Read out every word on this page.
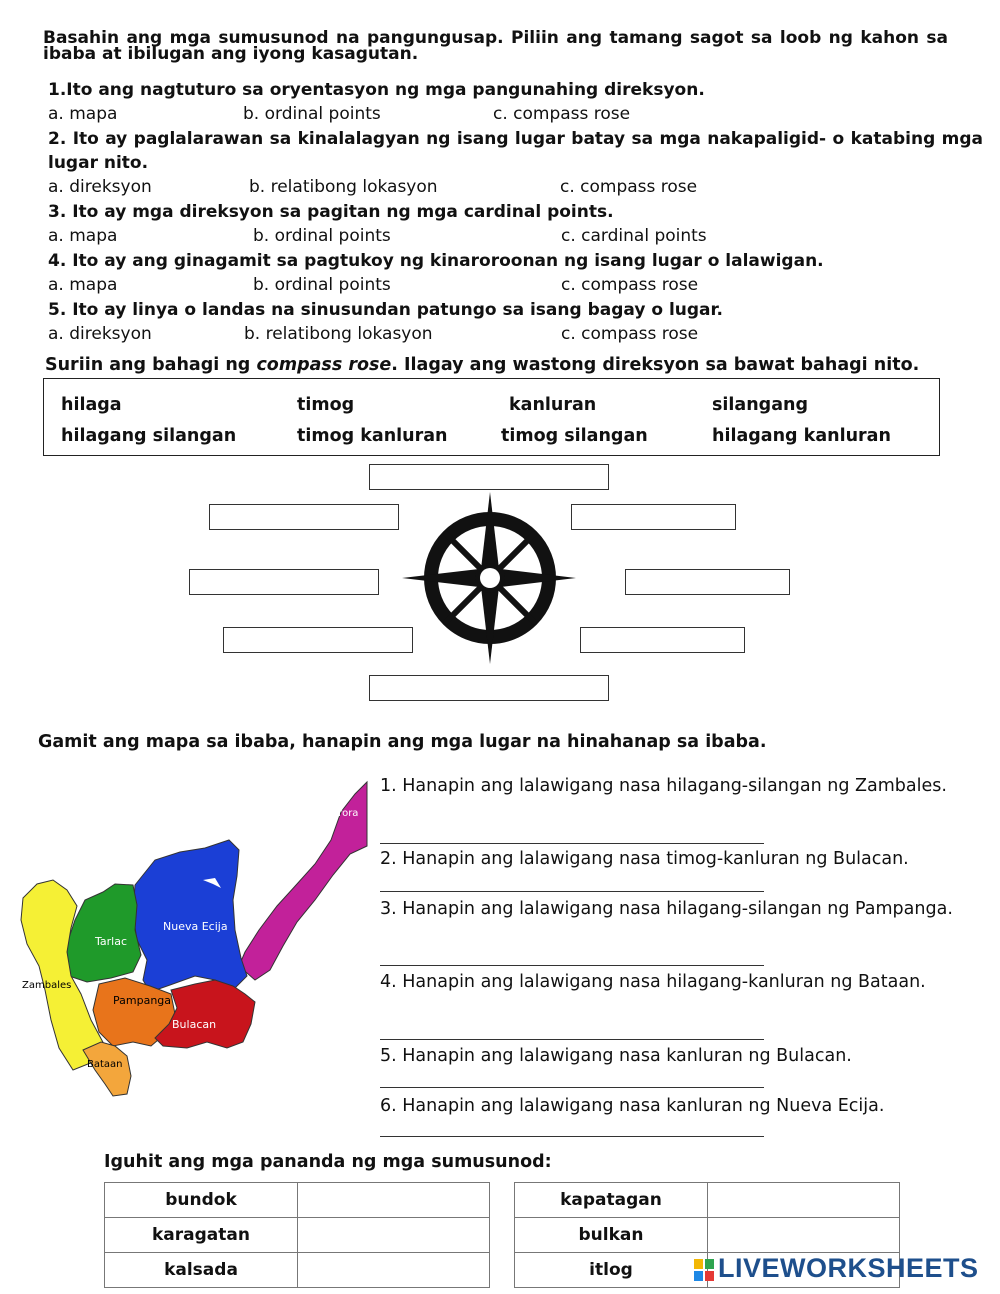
Basahin ang mga sumusunod na pangungusap. Piliin ang tamang sagot sa loob ng kahon sa ibaba at ibilugan ang iyong kasagutan.
1.Ito ang nagtuturo sa oryentasyon ng mga pangunahing direksyon.
a. mapa	b. ordinal points	c. compass rose
2. Ito ay paglalarawan sa kinalalagyan ng isang lugar batay sa mga nakapaligid- o katabing mga lugar nito.
a. direksyon	b. relatibong lokasyon	c. compass rose
3. Ito ay mga direksyon sa pagitan ng mga cardinal points.
a. mapa	b. ordinal points	c. cardinal points
4. Ito ay ang ginagamit sa pagtukoy ng kinaroroonan ng isang lugar o lalawigan.
a. mapa	b. ordinal points	c. compass rose
5. Ito ay linya o landas na sinusundan patungo sa isang bagay o lugar.
a. direksyon	b. relatibong lokasyon	c. compass rose
Suriin ang bahagi ng compass rose. Ilagay ang wastong direksyon sa bawat bahagi nito.
hilaga	timog	kanluran	silangang
hilagang silangan	timog kanluran	timog silangan	hilagang kanluran
Gamit ang mapa sa ibaba, hanapin ang mga lugar na hinahanap sa ibaba.
Aurora
Nueva Ecija
Tarlac
Zambales
Pampanga
Bulacan
Bataan
1. Hanapin ang lalawigang nasa hilagang-silangan ng Zambales.
2. Hanapin ang lalawigang nasa timog-kanluran ng Bulacan.
3. Hanapin ang lalawigang nasa hilagang-silangan ng Pampanga.
4. Hanapin ang lalawigang nasa hilagang-kanluran ng Bataan.
5. Hanapin ang lalawigang nasa kanluran ng Bulacan.
6. Hanapin ang lalawigang nasa kanluran ng Nueva Ecija.
Iguhit ang mga pananda ng mga sumusunod:
bundok	
karagatan	
kalsada	
kapatagan	
bulkan	
itlog		LIVEWORKSHEETS
